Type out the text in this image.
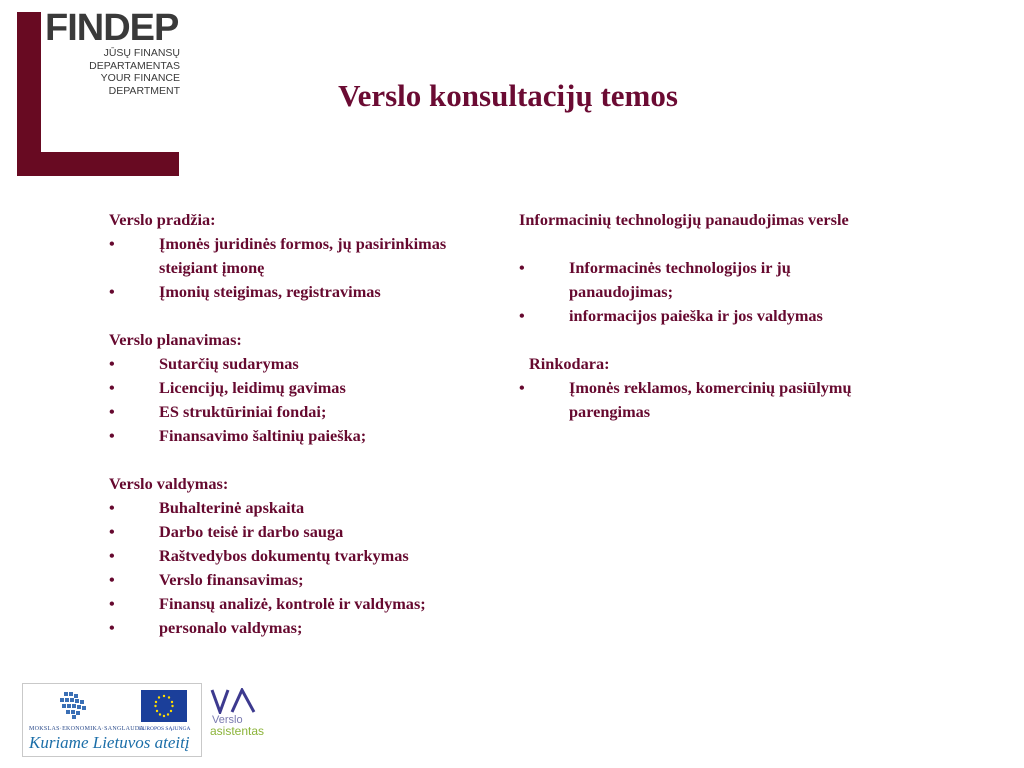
FINDEP
JŪSŲ FINANSŲ
DEPARTAMENTAS
YOUR FINANCE
DEPARTMENT	Verslo konsultacijų temos
Verslo pradžia:
•	Įmonės juridinės formos, jų pasirinkimas
steigiant įmonę
•	Įmonių steigimas, registravimas
Verslo planavimas:
•	Sutarčių sudarymas
•	Licencijų, leidimų gavimas
•	ES struktūriniai fondai;
•	Finansavimo šaltinių paieška;
Verslo valdymas:
•	Buhalterinė apskaita
•	Darbo teisė ir darbo sauga
•	Raštvedybos dokumentų tvarkymas
•	Verslo finansavimas;
•	Finansų analizė, kontrolė ir valdymas;
•	personalo valdymas;
Informacinių technologijų panaudojimas versle
•	Informacinės technologijos ir jų
panaudojimas;
•	informacijos paieška ir jos valdymas
Rinkodara:
•	Įmonės reklamos, komercinių pasiūlymų
parengimas
MOKSLAS·EKONOMIKA·SANGLAUDA
EUROPOS SĄJUNGA
Kuriame Lietuvos ateitį
Verslo
asistentas
